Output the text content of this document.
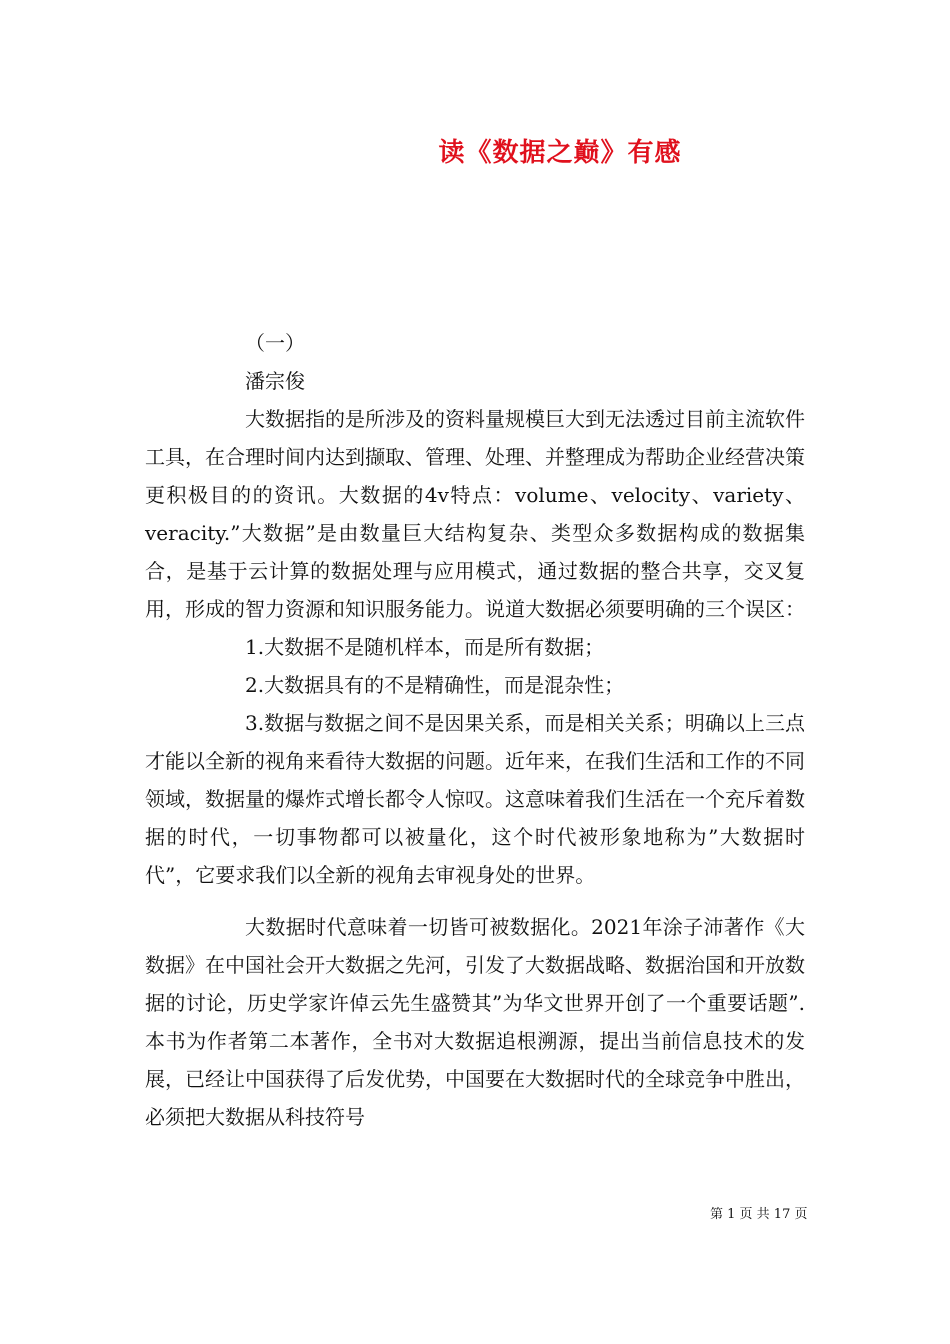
读《数据之巅》有感

（一）

潘宗俊

大数据指的是所涉及的资料量规模巨大到无法透过目前主流软件工具，在合理时间内达到撷取、管理、处理、并整理成为帮助企业经营决策更积极目的的资讯。大数据的4v特点：volume、velocity、variety、veracity.”大数据”是由数量巨大结构复杂、类型众多数据构成的数据集合，是基于云计算的数据处理与应用模式，通过数据的整合共享，交叉复用，形成的智力资源和知识服务能力。说道大数据必须要明确的三个误区：

1.大数据不是随机样本，而是所有数据；

2.大数据具有的不是精确性，而是混杂性；

3.数据与数据之间不是因果关系，而是相关关系；明确以上三点才能以全新的视角来看待大数据的问题。近年来，在我们生活和工作的不同领域，数据量的爆炸式增长都令人惊叹。这意味着我们生活在一个充斥着数据的时代，一切事物都可以被量化，这个时代被形象地称为”大数据时代”，它要求我们以全新的视角去审视身处的世界。

大数据时代意味着一切皆可被数据化。2021年涂子沛著作《大数据》在中国社会开大数据之先河，引发了大数据战略、数据治国和开放数据的讨论，历史学家许倬云先生盛赞其”为华文世界开创了一个重要话题”.本书为作者第二本著作，全书对大数据追根溯源，提出当前信息技术的发展，已经让中国获得了后发优势，中国要在大数据时代的全球竞争中胜出，必须把大数据从科技符号

第 1 页 共 17 页
